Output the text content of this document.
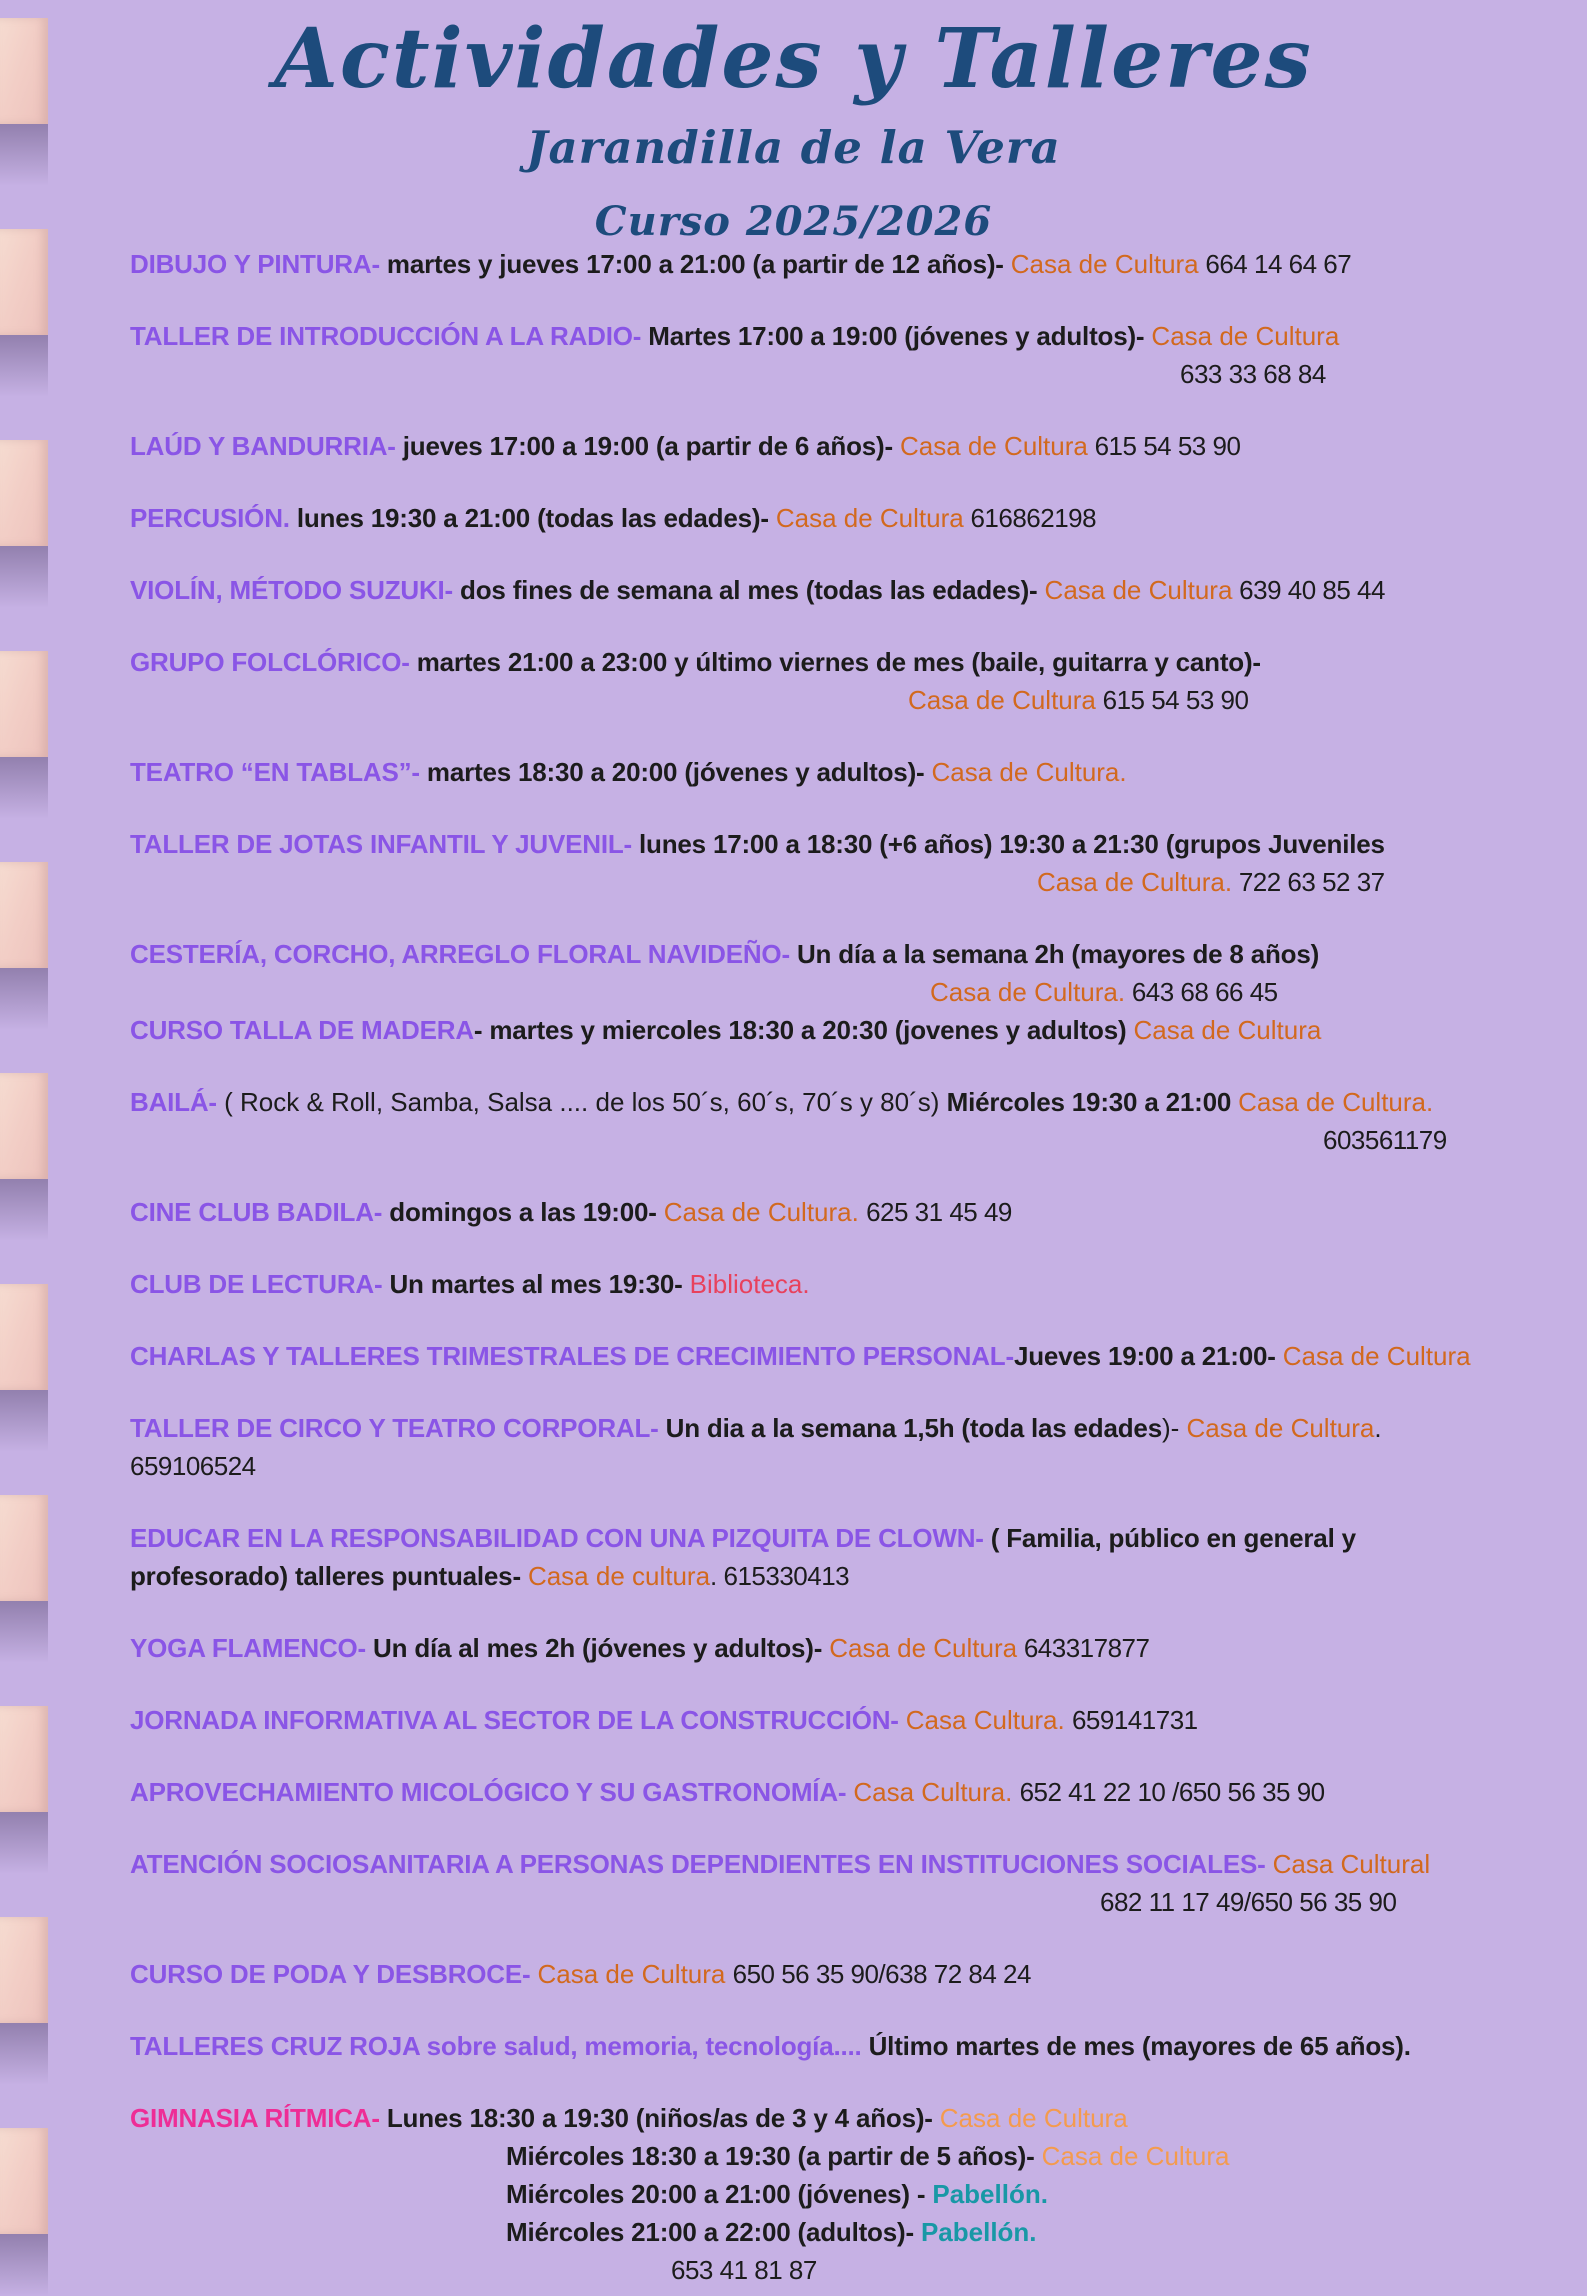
Actividades y Talleres
Jarandilla de la Vera
Curso 2025/2026
DIBUJO Y PINTURA- martes y jueves 17:00 a 21:00 (a partir de 12 años)- Casa de Cultura 664 14 64 67
TALLER DE INTRODUCCIÓN A LA RADIO- Martes 17:00 a 19:00 (jóvenes y adultos)- Casa de Cultura
633 33 68 84
LAÚD Y BANDURRIA- jueves 17:00 a 19:00 (a partir de 6 años)- Casa de Cultura 615 54 53 90
PERCUSIÓN. lunes 19:30 a 21:00 (todas las edades)- Casa de Cultura 616862198
VIOLÍN, MÉTODO SUZUKI- dos fines de semana al mes (todas las edades)- Casa de Cultura 639 40 85 44
GRUPO FOLCLÓRICO- martes 21:00 a 23:00 y último viernes de mes (baile, guitarra y canto)-
Casa de Cultura 615 54 53 90
TEATRO “EN TABLAS”- martes 18:30 a 20:00 (jóvenes y adultos)- Casa de Cultura.
TALLER DE JOTAS INFANTIL Y JUVENIL- lunes 17:00 a 18:30 (+6 años) 19:30 a 21:30 (grupos Juveniles
Casa de Cultura. 722 63 52 37
CESTERÍA, CORCHO, ARREGLO FLORAL NAVIDEÑO- Un día a la semana 2h (mayores de 8 años)
Casa de Cultura. 643 68 66 45
CURSO TALLA DE MADERA- martes y miercoles 18:30 a 20:30 (jovenes y adultos) Casa de Cultura
BAILÁ- ( Rock & Roll, Samba, Salsa .... de los 50´s, 60´s, 70´s y 80´s) Miércoles 19:30 a 21:00 Casa de Cultura.
603561179
CINE CLUB BADILA- domingos a las 19:00- Casa de Cultura. 625 31 45 49
CLUB DE LECTURA- Un martes al mes 19:30- Biblioteca.
CHARLAS Y TALLERES TRIMESTRALES DE CRECIMIENTO PERSONAL-Jueves 19:00 a 21:00- Casa de Cultura
TALLER DE CIRCO Y TEATRO CORPORAL- Un dia a la semana 1,5h (toda las edades)- Casa de Cultura.
659106524
EDUCAR EN LA RESPONSABILIDAD CON UNA PIZQUITA DE CLOWN- ( Familia, público en general y
profesorado) talleres puntuales- Casa de cultura. 615330413
YOGA FLAMENCO- Un día al mes 2h (jóvenes y adultos)- Casa de Cultura 643317877
JORNADA INFORMATIVA AL SECTOR DE LA CONSTRUCCIÓN- Casa Cultura. 659141731
APROVECHAMIENTO MICOLÓGICO Y SU GASTRONOMÍA- Casa Cultura. 652 41 22 10 /650 56 35 90
ATENCIÓN SOCIOSANITARIA A PERSONAS DEPENDIENTES EN INSTITUCIONES SOCIALES- Casa Cultural
682 11 17 49/650 56 35 90
CURSO DE PODA Y DESBROCE- Casa de Cultura 650 56 35 90/638 72 84 24
TALLERES CRUZ ROJA sobre salud, memoria, tecnología.... Último martes de mes (mayores de 65 años).
GIMNASIA RÍTMICA- Lunes 18:30 a 19:30 (niños/as de 3 y 4 años)- Casa de Cultura
Miércoles 18:30 a 19:30 (a partir de 5 años)- Casa de Cultura
Miércoles 20:00 a 21:00 (jóvenes) - Pabellón.
Miércoles 21:00 a 22:00 (adultos)- Pabellón.
653 41 81 87
